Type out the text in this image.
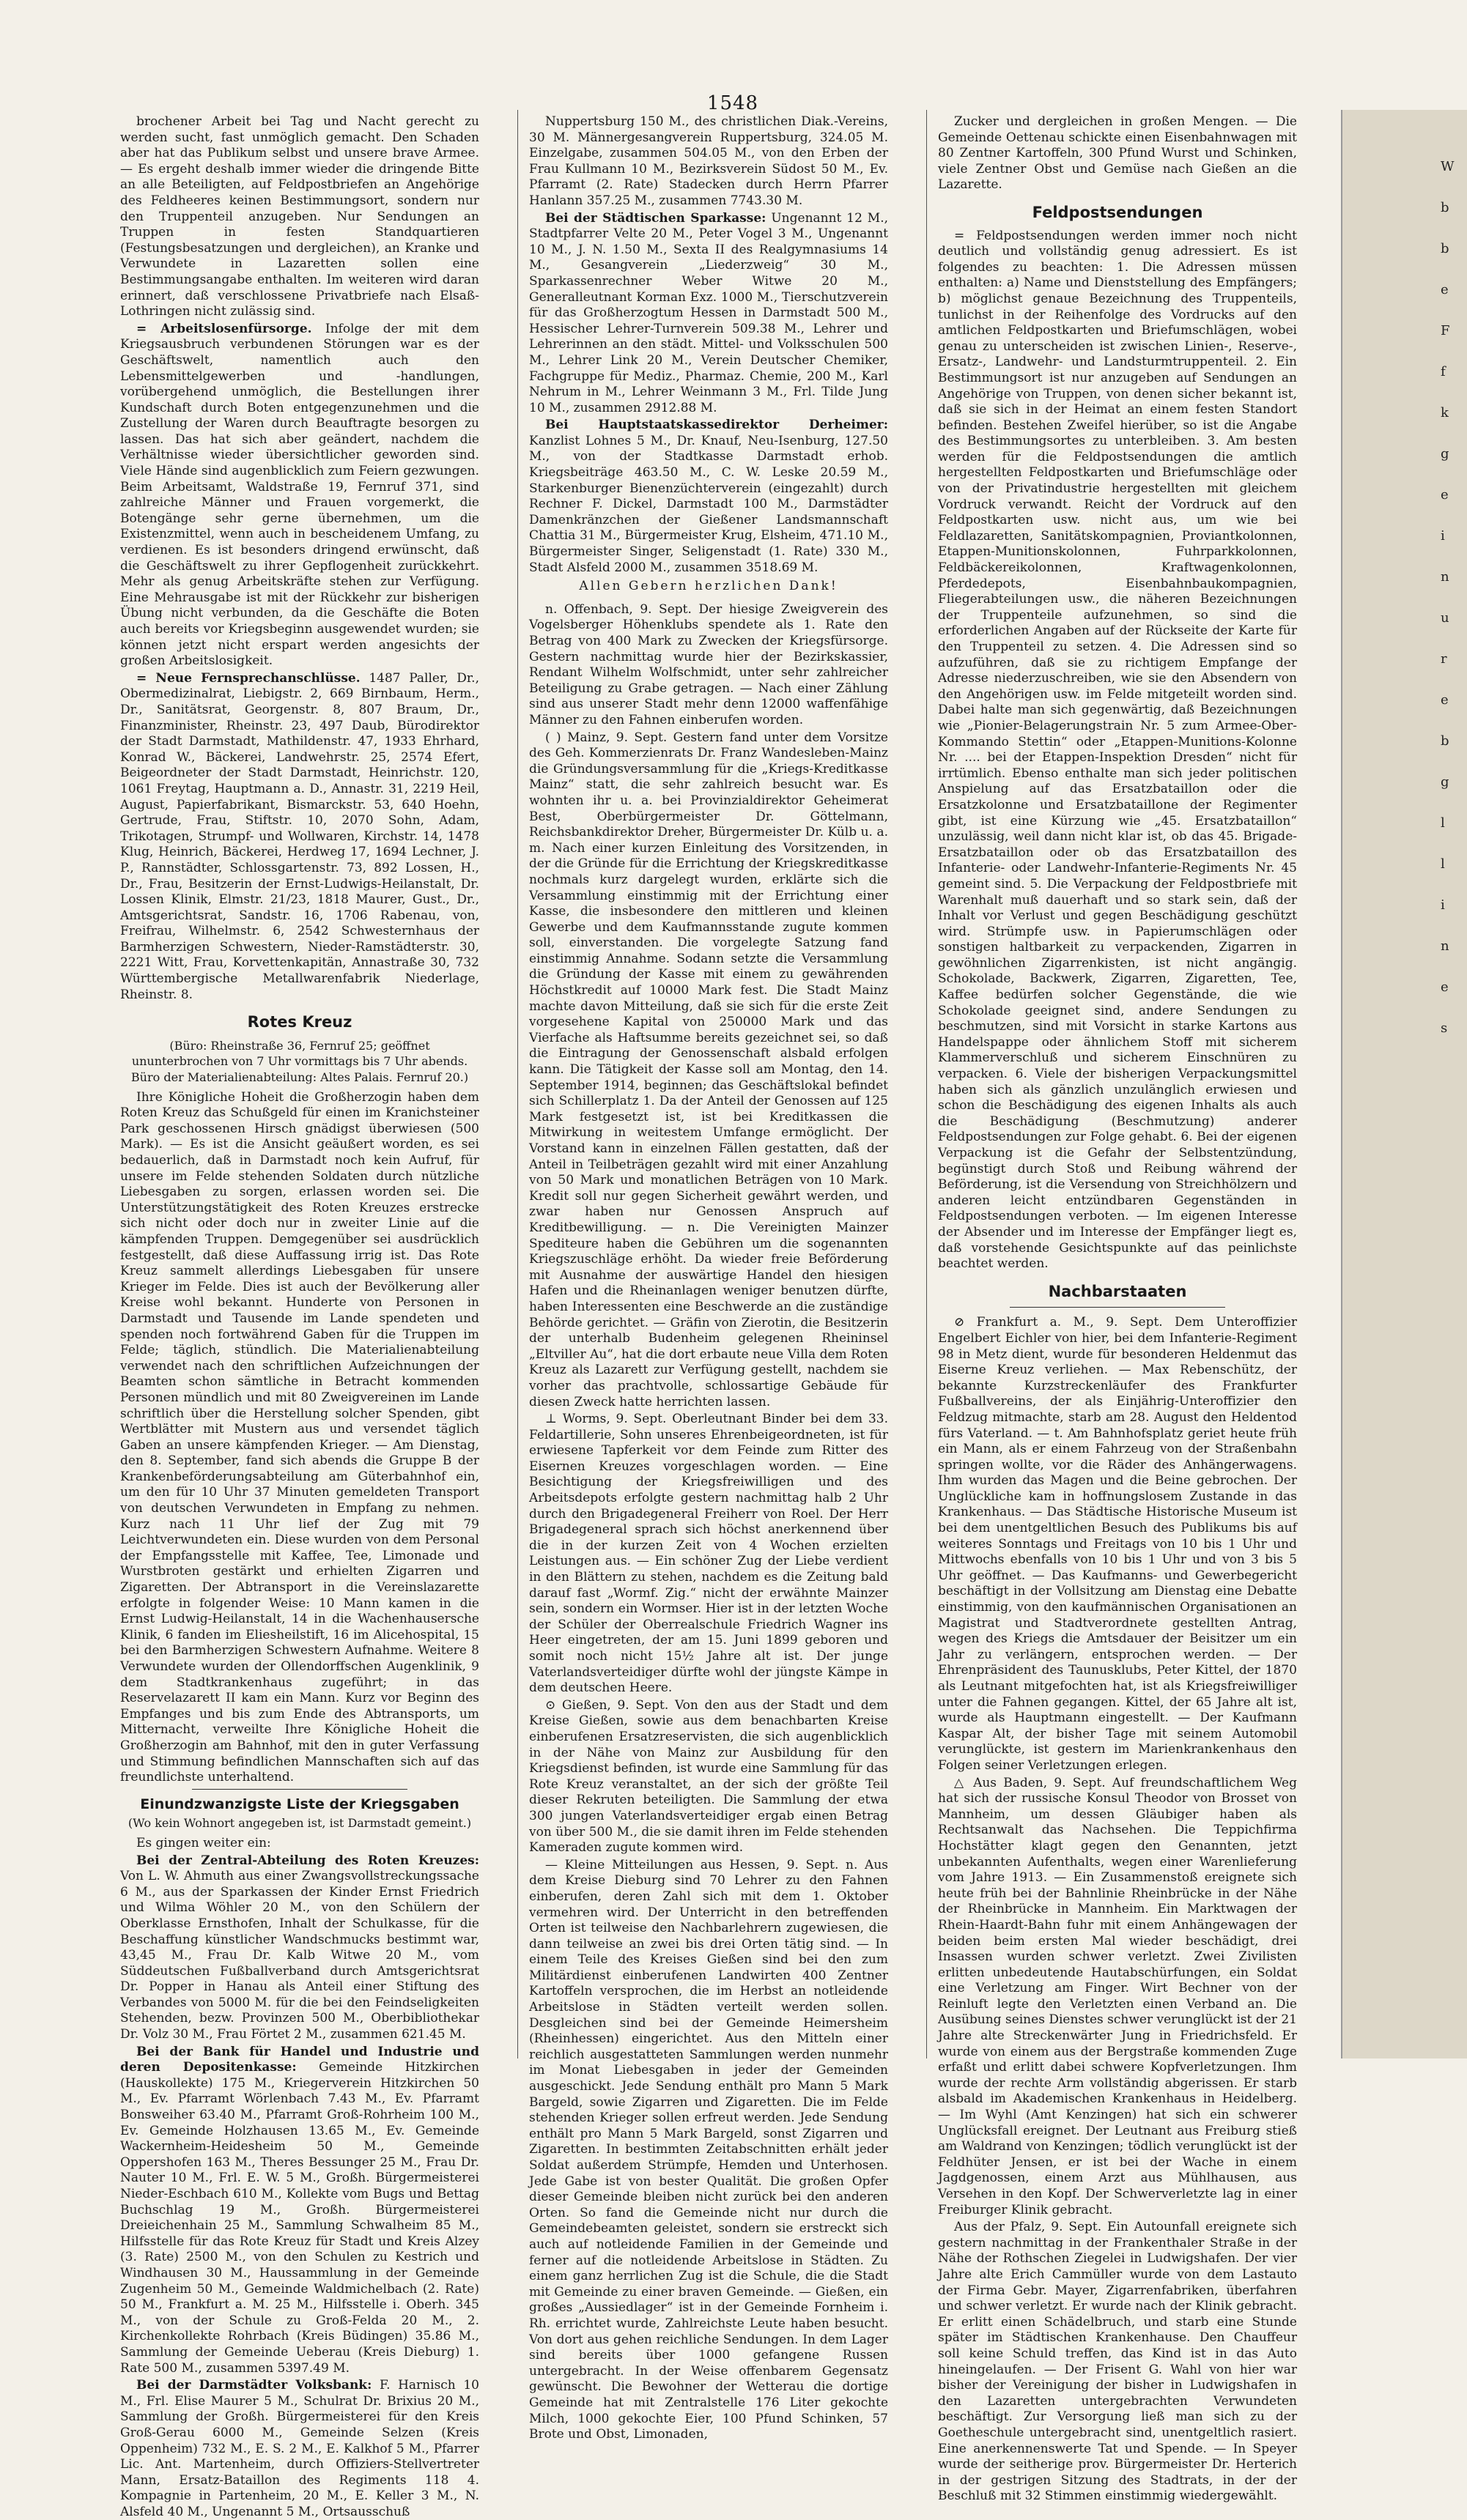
1548
W
b
b
e
F
f
k
g
e
i
n
u
r
e
b
g
l
l
i
n
e
s

brochener Arbeit bei Tag und Nacht gerecht zu werden sucht, fast unmöglich gemacht. Den Schaden aber hat das Publikum selbst und unsere brave Armee. — Es ergeht deshalb immer wieder die dringende Bitte an alle Beteiligten, auf Feldpostbriefen an Angehörige des Feldheeres keinen Bestimmungsort, sondern nur den Truppenteil anzugeben. Nur Sendungen an Truppen in festen Standquartieren (Festungsbesatzungen und dergleichen), an Kranke und Verwundete in Lazaretten sollen eine Bestimmungsangabe enthalten. Im weiteren wird daran erinnert, daß verschlossene Privatbriefe nach Elsaß-Lothringen nicht zulässig sind.

= Arbeitslosenfürsorge. Infolge der mit dem Kriegsausbruch verbundenen Störungen war es der Geschäftswelt, namentlich auch den Lebensmittelgewerben und -handlungen, vorübergehend unmöglich, die Bestellungen ihrer Kundschaft durch Boten entgegenzunehmen und die Zustellung der Waren durch Beauftragte besorgen zu lassen. Das hat sich aber geändert, nachdem die Verhältnisse wieder übersichtlicher geworden sind. Viele Hände sind augenblicklich zum Feiern gezwungen. Beim Arbeitsamt, Waldstraße 19, Fernruf 371, sind zahlreiche Männer und Frauen vorgemerkt, die Botengänge sehr gerne übernehmen, um die Existenzmittel, wenn auch in bescheidenem Umfang, zu verdienen. Es ist besonders dringend erwünscht, daß die Geschäftswelt zu ihrer Gepflogenheit zurückkehrt. Mehr als genug Arbeitskräfte stehen zur Verfügung. Eine Mehrausgabe ist mit der Rückkehr zur bisherigen Übung nicht verbunden, da die Geschäfte die Boten auch bereits vor Kriegsbeginn ausgewendet wurden; sie können jetzt nicht erspart werden angesichts der großen Arbeitslosigkeit.

= Neue Fernsprechanschlüsse. 1487 Paller, Dr., Obermedizinalrat, Liebigstr. 2, 669 Birnbaum, Herm., Dr., Sanitätsrat, Georgenstr. 8, 807 Braum, Dr., Finanzminister, Rheinstr. 23, 497 Daub, Bürodirektor der Stadt Darmstadt, Mathildenstr. 47, 1933 Ehrhard, Konrad W., Bäckerei, Landwehrstr. 25, 2574 Efert, Beigeordneter der Stadt Darmstadt, Heinrichstr. 120, 1061 Freytag, Hauptmann a. D., Annastr. 31, 2219 Heil, August, Papierfabrikant, Bismarckstr. 53, 640 Hoehn, Gertrude, Frau, Stiftstr. 10, 2070 Sohn, Adam, Trikotagen, Strumpf- und Wollwaren, Kirchstr. 14, 1478 Klug, Heinrich, Bäckerei, Herdweg 17, 1694 Lechner, J. P., Rannstädter, Schlossgartenstr. 73, 892 Lossen, H., Dr., Frau, Besitzerin der Ernst-Ludwigs-Heilanstalt, Dr. Lossen Klinik, Elmstr. 21/23, 1818 Maurer, Gust., Dr., Amtsgerichtsrat, Sandstr. 16, 1706 Rabenau, von, Freifrau, Wilhelmstr. 6, 2542 Schwesternhaus der Barmherzigen Schwestern, Nieder-Ramstädterstr. 30, 2221 Witt, Frau, Korvettenkapitän, Annastraße 30, 732 Württembergische Metallwarenfabrik Niederlage, Rheinstr. 8.

Rotes Kreuz
(Büro: Rheinstraße 36, Fernruf 25; geöffnet ununterbrochen von 7 Uhr vormittags bis 7 Uhr abends. Büro der Materialienabteilung: Altes Palais. Fernruf 20.)

Ihre Königliche Hoheit die Großherzogin haben dem Roten Kreuz das Schußgeld für einen im Kranichsteiner Park geschossenen Hirsch gnädigst überwiesen (500 Mark). — Es ist die Ansicht geäußert worden, es sei bedauerlich, daß in Darmstadt noch kein Aufruf, für unsere im Felde stehenden Soldaten durch nützliche Liebesgaben zu sorgen, erlassen worden sei. Die Unterstützungstätigkeit des Roten Kreuzes erstrecke sich nicht oder doch nur in zweiter Linie auf die kämpfenden Truppen. Demgegenüber sei ausdrücklich festgestellt, daß diese Auffassung irrig ist. Das Rote Kreuz sammelt allerdings Liebesgaben für unsere Krieger im Felde. Dies ist auch der Bevölkerung aller Kreise wohl bekannt. Hunderte von Personen in Darmstadt und Tausende im Lande spendeten und spenden noch fortwährend Gaben für die Truppen im Felde; täglich, stündlich. Die Materialienabteilung verwendet nach den schriftlichen Aufzeichnungen der Beamten schon sämtliche in Betracht kommenden Personen mündlich und mit 80 Zweigvereinen im Lande schriftlich über die Herstellung solcher Spenden, gibt Wertblätter mit Mustern aus und versendet täglich Gaben an unsere kämpfenden Krieger. — Am Dienstag, den 8. September, fand sich abends die Gruppe B der Krankenbeförderungsabteilung am Güterbahnhof ein, um den für 10 Uhr 37 Minuten gemeldeten Transport von deutschen Verwundeten in Empfang zu nehmen. Kurz nach 11 Uhr lief der Zug mit 79 Leichtverwundeten ein. Diese wurden von dem Personal der Empfangsstelle mit Kaffee, Tee, Limonade und Wurstbroten gestärkt und erhielten Zigarren und Zigaretten. Der Abtransport in die Vereinslazarette erfolgte in folgender Weise: 10 Mann kamen in die Ernst Ludwig-Heilanstalt, 14 in die Wachenhausersche Klinik, 6 fanden im Eliesheilstift, 16 im Alicehospital, 15 bei den Barmherzigen Schwestern Aufnahme. Weitere 8 Verwundete wurden der Ollendorffschen Augenklinik, 9 dem Stadtkrankenhaus zugeführt; in das Reservelazarett II kam ein Mann. Kurz vor Beginn des Empfanges und bis zum Ende des Abtransports, um Mitternacht, verweilte Ihre Königliche Hoheit die Großherzogin am Bahnhof, mit den in guter Verfassung und Stimmung befindlichen Mannschaften sich auf das freundlichste unterhaltend.

Einundzwanzigste Liste der Kriegsgaben
(Wo kein Wohnort angegeben ist, ist Darmstadt gemeint.)

Es gingen weiter ein:

Bei der Zentral-Abteilung des Roten Kreuzes: Von L. W. Ahmuth aus einer Zwangsvollstreckungssache 6 M., aus der Sparkassen der Kinder Ernst Friedrich und Wilma Wöhler 20 M., von den Schülern der Oberklasse Ernsthofen, Inhalt der Schulkasse, für die Beschaffung künstlicher Wandschmucks bestimmt war, 43,45 M., Frau Dr. Kalb Witwe 20 M., vom Süddeutschen Fußballverband durch Amtsgerichtsrat Dr. Popper in Hanau als Anteil einer Stiftung des Verbandes von 5000 M. für die bei den Feindseligkeiten Stehenden, bezw. Provinzen 500 M., Oberbibliothekar Dr. Volz 30 M., Frau Förtet 2 M., zusammen 621.45 M.

Bei der Bank für Handel und Industrie und deren Depositenkasse: Gemeinde Hitzkirchen (Hauskollekte) 175 M., Kriegerverein Hitzkirchen 50 M., Ev. Pfarramt Wörlenbach 7.43 M., Ev. Pfarramt Bonsweiher 63.40 M., Pfarramt Groß-Rohrheim 100 M., Ev. Gemeinde Holzhausen 13.65 M., Ev. Gemeinde Wackernheim-Heidesheim 50 M., Gemeinde Oppershofen 163 M., Theres Bessunger 25 M., Frau Dr. Nauter 10 M., Frl. E. W. 5 M., Großh. Bürgermeisterei Nieder-Eschbach 610 M., Kollekte vom Bugs und Bettag Buchschlag 19 M., Großh. Bürgermeisterei Dreieichenhain 25 M., Sammlung Schwalheim 85 M., Hilfsstelle für das Rote Kreuz für Stadt und Kreis Alzey (3. Rate) 2500 M., von den Schulen zu Kestrich und Windhausen 30 M., Haussammlung in der Gemeinde Zugenheim 50 M., Gemeinde Waldmichelbach (2. Rate) 50 M., Frankfurt a. M. 25 M., Hilfsstelle i. Oberh. 345 M., von der Schule zu Groß-Felda 20 M., 2. Kirchenkollekte Rohrbach (Kreis Büdingen) 35.86 M., Sammlung der Gemeinde Ueberau (Kreis Dieburg) 1. Rate 500 M., zusammen 5397.49 M.

Bei der Darmstädter Volksbank: F. Harnisch 10 M., Frl. Elise Maurer 5 M., Schulrat Dr. Brixius 20 M., Sammlung der Großh. Bürgermeisterei für den Kreis Groß-Gerau 6000 M., Gemeinde Selzen (Kreis Oppenheim) 732 M., E. S. 2 M., E. Kalkhof 5 M., Pfarrer Lic. Ant. Martenheim, durch Offiziers-Stellvertreter Mann, Ersatz-Bataillon des Regiments 118 4. Kompagnie in Partenheim, 20 M., E. Keller 3 M., N. Alsfeld 40 M., Ungenannt 5 M., Ortsausschuß

Nuppertsburg 150 M., des christlichen Diak.-Vereins, 30 M. Männergesangverein Ruppertsburg, 324.05 M. Einzelgabe, zusammen 504.05 M., von den Erben der Frau Kullmann 10 M., Bezirksverein Südost 50 M., Ev. Pfarramt (2. Rate) Stadecken durch Herrn Pfarrer Hanlann 357.25 M., zusammen 7743.30 M.

Bei der Städtischen Sparkasse: Ungenannt 12 M., Stadtpfarrer Velte 20 M., Peter Vogel 3 M., Ungenannt 10 M., J. N. 1.50 M., Sexta II des Realgymnasiums 14 M., Gesangverein „Liederzweig“ 30 M., Sparkassenrechner Weber Witwe 20 M., Generalleutnant Korman Exz. 1000 M., Tierschutzverein für das Großherzogtum Hessen in Darmstadt 500 M., Hessischer Lehrer-Turnverein 509.38 M., Lehrer und Lehrerinnen an den städt. Mittel- und Volksschulen 500 M., Lehrer Link 20 M., Verein Deutscher Chemiker, Fachgruppe für Mediz., Pharmaz. Chemie, 200 M., Karl Nehrum in M., Lehrer Weinmann 3 M., Frl. Tilde Jung 10 M., zusammen 2912.88 M.

Bei Hauptstaatskassedirektor Derheimer: Kanzlist Lohnes 5 M., Dr. Knauf, Neu-Isenburg, 127.50 M., von der Stadtkasse Darmstadt erhob. Kriegsbeiträge 463.50 M., C. W. Leske 20.59 M., Starkenburger Bienenzüchterverein (eingezahlt) durch Rechner F. Dickel, Darmstadt 100 M., Darmstädter Damenkränzchen der Gießener Landsmannschaft Chattia 31 M., Bürgermeister Krug, Elsheim, 471.10 M., Bürgermeister Singer, Seligenstadt (1. Rate) 330 M., Stadt Alsfeld 2000 M., zusammen 3518.69 M.

Allen Gebern herzlichen Dank!

n. Offenbach, 9. Sept. Der hiesige Zweigverein des Vogelsberger Höhenklubs spendete als 1. Rate den Betrag von 400 Mark zu Zwecken der Kriegsfürsorge. Gestern nachmittag wurde hier der Bezirkskassier, Rendant Wilhelm Wolfschmidt, unter sehr zahlreicher Beteiligung zu Grabe getragen. — Nach einer Zählung sind aus unserer Stadt mehr denn 12000 waffenfähige Männer zu den Fahnen einberufen worden.

( ) Mainz, 9. Sept. Gestern fand unter dem Vorsitze des Geh. Kommerzienrats Dr. Franz Wandesleben-Mainz die Gründungsversammlung für die „Kriegs-Kreditkasse Mainz“ statt, die sehr zahlreich besucht war. Es wohnten ihr u. a. bei Provinzialdirektor Geheimerat Best, Oberbürgermeister Dr. Göttelmann, Reichsbankdirektor Dreher, Bürgermeister Dr. Külb u. a. m. Nach einer kurzen Einleitung des Vorsitzenden, in der die Gründe für die Errichtung der Kriegskreditkasse nochmals kurz dargelegt wurden, erklärte sich die Versammlung einstimmig mit der Errichtung einer Kasse, die insbesondere den mittleren und kleinen Gewerbe und dem Kaufmannsstande zugute kommen soll, einverstanden. Die vorgelegte Satzung fand einstimmig Annahme. Sodann setzte die Versammlung die Gründung der Kasse mit einem zu gewährenden Höchstkredit auf 10000 Mark fest. Die Stadt Mainz machte davon Mitteilung, daß sie sich für die erste Zeit vorgesehene Kapital von 250000 Mark und das Vierfache als Haftsumme bereits gezeichnet sei, so daß die Eintragung der Genossenschaft alsbald erfolgen kann. Die Tätigkeit der Kasse soll am Montag, den 14. September 1914, beginnen; das Geschäftslokal befindet sich Schillerplatz 1. Da der Anteil der Genossen auf 125 Mark festgesetzt ist, ist bei Kreditkassen die Mitwirkung in weitestem Umfange ermöglicht. Der Vorstand kann in einzelnen Fällen gestatten, daß der Anteil in Teilbeträgen gezahlt wird mit einer Anzahlung von 50 Mark und monatlichen Beträgen von 10 Mark. Kredit soll nur gegen Sicherheit gewährt werden, und zwar haben nur Genossen Anspruch auf Kreditbewilligung. — n. Die Vereinigten Mainzer Spediteure haben die Gebühren um die sogenannten Kriegszuschläge erhöht. Da wieder freie Beförderung mit Ausnahme der auswärtige Handel den hiesigen Hafen und die Rheinanlagen weniger benutzen dürfte, haben Interessenten eine Beschwerde an die zuständige Behörde gerichtet. — Gräfin von Zierotin, die Besitzerin der unterhalb Budenheim gelegenen Rheininsel „Eltviller Au“, hat die dort erbaute neue Villa dem Roten Kreuz als Lazarett zur Verfügung gestellt, nachdem sie vorher das prachtvolle, schlossartige Gebäude für diesen Zweck hatte herrichten lassen.

⊥ Worms, 9. Sept. Oberleutnant Binder bei dem 33. Feldartillerie, Sohn unseres Ehrenbeigeordneten, ist für erwiesene Tapferkeit vor dem Feinde zum Ritter des Eisernen Kreuzes vorgeschlagen worden. — Eine Besichtigung der Kriegsfreiwilligen und des Arbeitsdepots erfolgte gestern nachmittag halb 2 Uhr durch den Brigadegeneral Freiherr von Roel. Der Herr Brigadegeneral sprach sich höchst anerkennend über die in der kurzen Zeit von 4 Wochen erzielten Leistungen aus. — Ein schöner Zug der Liebe verdient in den Blättern zu stehen, nachdem es die Zeitung bald darauf fast „Wormf. Zig.“ nicht der erwähnte Mainzer sein, sondern ein Wormser. Hier ist in der letzten Woche der Schüler der Oberrealschule Friedrich Wagner ins Heer eingetreten, der am 15. Juni 1899 geboren und somit noch nicht 15½ Jahre alt ist. Der junge Vaterlandsverteidiger dürfte wohl der jüngste Kämpe in dem deutschen Heere.

⊙ Gießen, 9. Sept. Von den aus der Stadt und dem Kreise Gießen, sowie aus dem benachbarten Kreise einberufenen Ersatzreservisten, die sich augenblicklich in der Nähe von Mainz zur Ausbildung für den Kriegsdienst befinden, ist wurde eine Sammlung für das Rote Kreuz veranstaltet, an der sich der größte Teil dieser Rekruten beteiligten. Die Sammlung der etwa 300 jungen Vaterlandsverteidiger ergab einen Betrag von über 500 M., die sie damit ihren im Felde stehenden Kameraden zugute kommen wird.

— Kleine Mitteilungen aus Hessen, 9. Sept. n. Aus dem Kreise Dieburg sind 70 Lehrer zu den Fahnen einberufen, deren Zahl sich mit dem 1. Oktober vermehren wird. Der Unterricht in den betreffenden Orten ist teilweise den Nachbarlehrern zugewiesen, die dann teilweise an zwei bis drei Orten tätig sind. — In einem Teile des Kreises Gießen sind bei den zum Militärdienst einberufenen Landwirten 400 Zentner Kartoffeln versprochen, die im Herbst an notleidende Arbeitslose in Städten verteilt werden sollen. Desgleichen sind bei der Gemeinde Heimersheim (Rheinhessen) eingerichtet. Aus den Mitteln einer reichlich ausgestatteten Sammlungen werden nunmehr im Monat Liebesgaben in jeder der Gemeinden ausgeschickt. Jede Sendung enthält pro Mann 5 Mark Bargeld, sowie Zigarren und Zigaretten. Die im Felde stehenden Krieger sollen erfreut werden. Jede Sendung enthält pro Mann 5 Mark Bargeld, sonst Zigarren und Zigaretten. In bestimmten Zeitabschnitten erhält jeder Soldat außerdem Strümpfe, Hemden und Unterhosen. Jede Gabe ist von bester Qualität. Die großen Opfer dieser Gemeinde bleiben nicht zurück bei den anderen Orten. So fand die Gemeinde nicht nur durch die Gemeindebeamten geleistet, sondern sie erstreckt sich auch auf notleidende Familien in der Gemeinde und ferner auf die notleidende Arbeitslose in Städten. Zu einem ganz herrlichen Zug ist die Schule, die die Stadt mit Gemeinde zu einer braven Gemeinde. — Gießen, ein großes „Aussiedlager“ ist in der Gemeinde Fornheim i. Rh. errichtet wurde, Zahlreichste Leute haben besucht. Von dort aus gehen reichliche Sendungen. In dem Lager sind bereits über 1000 gefangene Russen untergebracht. In der Weise offenbarem Gegensatz gewünscht. Die Bewohner der Wetterau die dortige Gemeinde hat mit Zentralstelle 176 Liter gekochte Milch, 1000 gekochte Eier, 100 Pfund Schinken, 57 Brote und Obst, Limonaden,

Zucker und dergleichen in großen Mengen. — Die Gemeinde Oettenau schickte einen Eisenbahnwagen mit 80 Zentner Kartoffeln, 300 Pfund Wurst und Schinken, viele Zentner Obst und Gemüse nach Gießen an die Lazarette.

Feldpostsendungen

= Feldpostsendungen werden immer noch nicht deutlich und vollständig genug adressiert. Es ist folgendes zu beachten: 1. Die Adressen müssen enthalten: a) Name und Dienststellung des Empfängers; b) möglichst genaue Bezeichnung des Truppenteils, tunlichst in der Reihenfolge des Vordrucks auf den amtlichen Feldpostkarten und Briefumschlägen, wobei genau zu unterscheiden ist zwischen Linien-, Reserve-, Ersatz-, Landwehr- und Landsturmtruppenteil. 2. Ein Bestimmungsort ist nur anzugeben auf Sendungen an Angehörige von Truppen, von denen sicher bekannt ist, daß sie sich in der Heimat an einem festen Standort befinden. Bestehen Zweifel hierüber, so ist die Angabe des Bestimmungsortes zu unterbleiben. 3. Am besten werden für die Feldpostsendungen die amtlich hergestellten Feldpostkarten und Briefumschläge oder von der Privatindustrie hergestellten mit gleichem Vordruck verwandt. Reicht der Vordruck auf den Feldpostkarten usw. nicht aus, um wie bei Feldlazaretten, Sanitätskompagnien, Proviantkolonnen, Etappen-Munitionskolonnen, Fuhrparkkolonnen, Feldbäckereikolonnen, Kraftwagenkolonnen, Pferdedepots, Eisenbahnbaukompagnien, Fliegerabteilungen usw., die näheren Bezeichnungen der Truppenteile aufzunehmen, so sind die erforderlichen Angaben auf der Rückseite der Karte für den Truppenteil zu setzen. 4. Die Adressen sind so aufzuführen, daß sie zu richtigem Empfange der Adresse niederzuschreiben, wie sie den Absendern von den Angehörigen usw. im Felde mitgeteilt worden sind. Dabei halte man sich gegenwärtig, daß Bezeichnungen wie „Pionier-Belagerungstrain Nr. 5 zum Armee-Ober-Kommando Stettin“ oder „Etappen-Munitions-Kolonne Nr. .... bei der Etappen-Inspektion Dresden“ nicht für irrtümlich. Ebenso enthalte man sich jeder politischen Anspielung auf das Ersatzbataillon oder die Ersatzkolonne und Ersatzbataillone der Regimenter gibt, ist eine Kürzung wie „45. Ersatzbataillon“ unzulässig, weil dann nicht klar ist, ob das 45. Brigade-Ersatzbataillon oder ob das Ersatzbataillon des Infanterie- oder Landwehr-Infanterie-Regiments Nr. 45 gemeint sind. 5. Die Verpackung der Feldpostbriefe mit Warenhalt muß dauerhaft und so stark sein, daß der Inhalt vor Verlust und gegen Beschädigung geschützt wird. Strümpfe usw. in Papierumschlägen oder sonstigen haltbarkeit zu verpackenden, Zigarren in gewöhnlichen Zigarrenkisten, ist nicht angängig. Schokolade, Backwerk, Zigarren, Zigaretten, Tee, Kaffee bedürfen solcher Gegenstände, die wie Schokolade geeignet sind, andere Sendungen zu beschmutzen, sind mit Vorsicht in starke Kartons aus Handelspappe oder ähnlichem Stoff mit sicherem Klammerverschluß und sicherem Einschnüren zu verpacken. 6. Viele der bisherigen Verpackungsmittel haben sich als gänzlich unzulänglich erwiesen und schon die Beschädigung des eigenen Inhalts als auch die Beschädigung (Beschmutzung) anderer Feldpostsendungen zur Folge gehabt. 6. Bei der eigenen Verpackung ist die Gefahr der Selbstentzündung, begünstigt durch Stoß und Reibung während der Beförderung, ist die Versendung von Streichhölzern und anderen leicht entzündbaren Gegenständen in Feldpostsendungen verboten. — Im eigenen Interesse der Absender und im Interesse der Empfänger liegt es, daß vorstehende Gesichtspunkte auf das peinlichste beachtet werden.

Nachbarstaaten

⊘ Frankfurt a. M., 9. Sept. Dem Unteroffizier Engelbert Eichler von hier, bei dem Infanterie-Regiment 98 in Metz dient, wurde für besonderen Heldenmut das Eiserne Kreuz verliehen. — Max Rebenschütz, der bekannte Kurzstreckenläufer des Frankfurter Fußballvereins, der als Einjährig-Unteroffizier den Feldzug mitmachte, starb am 28. August den Heldentod fürs Vaterland. — t. Am Bahnhofsplatz geriet heute früh ein Mann, als er einem Fahrzeug von der Straßenbahn springen wollte, vor die Räder des Anhängerwagens. Ihm wurden das Magen und die Beine gebrochen. Der Unglückliche kam in hoffnungslosem Zustande in das Krankenhaus. — Das Städtische Historische Museum ist bei dem unentgeltlichen Besuch des Publikums bis auf weiteres Sonntags und Freitags von 10 bis 1 Uhr und Mittwochs ebenfalls von 10 bis 1 Uhr und von 3 bis 5 Uhr geöffnet. — Das Kaufmanns- und Gewerbegericht beschäftigt in der Vollsitzung am Dienstag eine Debatte einstimmig, von den kaufmännischen Organisationen an Magistrat und Stadtverordnete gestellten Antrag, wegen des Kriegs die Amtsdauer der Beisitzer um ein Jahr zu verlängern, entsprochen werden. — Der Ehrenpräsident des Taunusklubs, Peter Kittel, der 1870 als Leutnant mitgefochten hat, ist als Kriegsfreiwilliger unter die Fahnen gegangen. Kittel, der 65 Jahre alt ist, wurde als Hauptmann eingestellt. — Der Kaufmann Kaspar Alt, der bisher Tage mit seinem Automobil verunglückte, ist gestern im Marienkrankenhaus den Folgen seiner Verletzungen erlegen.

△ Aus Baden, 9. Sept. Auf freundschaftlichem Weg hat sich der russische Konsul Theodor von Brosset von Mannheim, um dessen Gläubiger haben als Rechtsanwalt das Nachsehen. Die Teppichfirma Hochstätter klagt gegen den Genannten, jetzt unbekannten Aufenthalts, wegen einer Warenlieferung vom Jahre 1913. — Ein Zusammenstoß ereignete sich heute früh bei der Bahnlinie Rheinbrücke in der Nähe der Rheinbrücke in Mannheim. Ein Marktwagen der Rhein-Haardt-Bahn fuhr mit einem Anhängewagen der beiden beim ersten Mal wieder beschädigt, drei Insassen wurden schwer verletzt. Zwei Zivilisten erlitten unbedeutende Hautabschürfungen, ein Soldat eine Verletzung am Finger. Wirt Bechner von der Reinluft legte den Verletzten einen Verband an. Die Ausübung seines Dienstes schwer verunglückt ist der 21 Jahre alte Streckenwärter Jung in Friedrichsfeld. Er wurde von einem aus der Bergstraße kommenden Zuge erfaßt und erlitt dabei schwere Kopfverletzungen. Ihm wurde der rechte Arm vollständig abgerissen. Er starb alsbald im Akademischen Krankenhaus in Heidelberg. — Im Wyhl (Amt Kenzingen) hat sich ein schwerer Unglücksfall ereignet. Der Leutnant aus Freiburg stieß am Waldrand von Kenzingen; tödlich verunglückt ist der Feldhüter Jensen, er ist bei der Wache in einem Jagdgenossen, einem Arzt aus Mühlhausen, aus Versehen in den Kopf. Der Schwerverletzte lag in einer Freiburger Klinik gebracht.

Aus der Pfalz, 9. Sept. Ein Autounfall ereignete sich gestern nachmittag in der Frankenthaler Straße in der Nähe der Rothschen Ziegelei in Ludwigshafen. Der vier Jahre alte Erich Cammüller wurde von dem Lastauto der Firma Gebr. Mayer, Zigarrenfabriken, überfahren und schwer verletzt. Er wurde nach der Klinik gebracht. Er erlitt einen Schädelbruch, und starb eine Stunde später im Städtischen Krankenhause. Den Chauffeur soll keine Schuld treffen, das Kind ist in das Auto hineingelaufen. — Der Frisent G. Wahl von hier war bisher der Vereinigung der bisher in Ludwigshafen in den Lazaretten untergebrachten Verwundeten beschäftigt. Zur Versorgung ließ man sich zu der Goetheschule untergebracht sind, unentgeltlich rasiert. Eine anerkennenswerte Tat und Spende. — In Speyer wurde der seitherige prov. Bürgermeister Dr. Herterich in der gestrigen Sitzung des Stadtrats, in der der Beschluß mit 32 Stimmen einstimmig wiedergewählt.
